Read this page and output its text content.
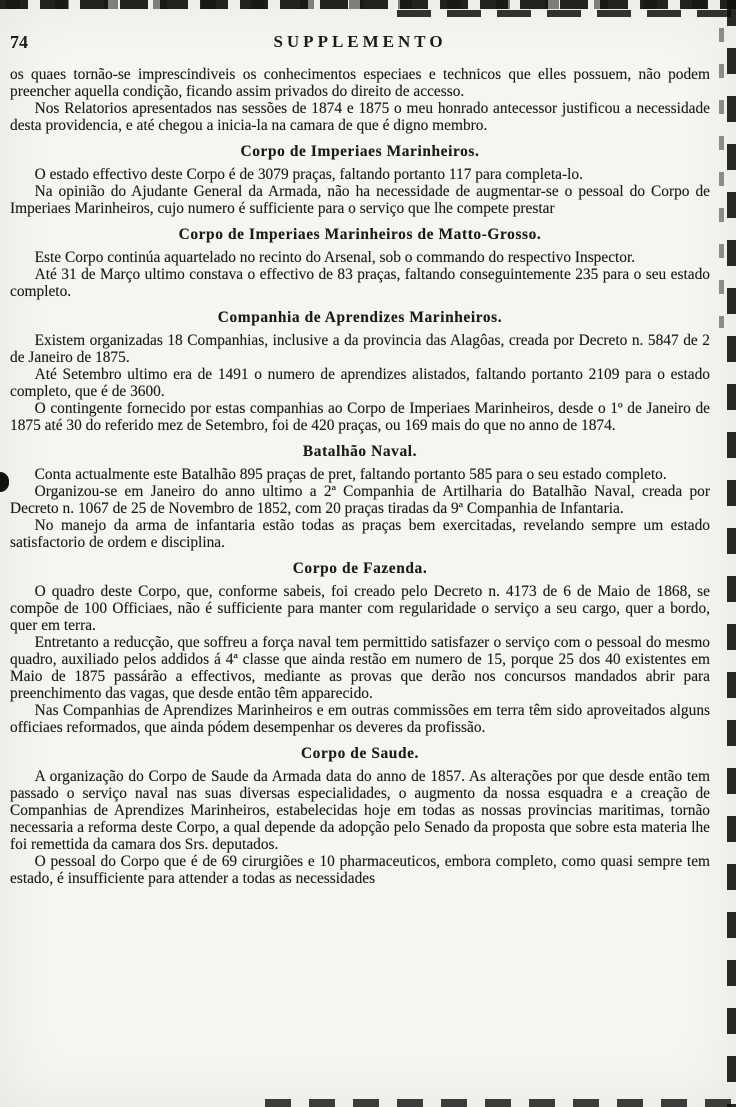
74	SUPPLEMENTO

os quaes tornão-se imprescindiveis os conhecimentos especiaes e technicos que elles possuem, não podem preencher aquella condição, ficando assim privados do direito de accesso.

Nos Relatorios apresentados nas sessões de 1874 e 1875 o meu honrado antecessor justificou a necessidade desta providencia, e até chegou a inicia-la na camara de que é digno membro.

Corpo de Imperiaes Marinheiros.

O estado effectivo deste Corpo é de 3079 praças, faltando portanto 117 para completa-lo.

Na opinião do Ajudante General da Armada, não ha necessidade de augmentar-se o pessoal do Corpo de Imperiaes Marinheiros, cujo numero é sufficiente para o serviço que lhe compete prestar

Corpo de Imperiaes Marinheiros de Matto-Grosso.

Este Corpo continúa aquartelado no recinto do Arsenal, sob o commando do respectivo Inspector.

Até 31 de Março ultimo constava o effectivo de 83 praças, faltando conseguintemente 235 para o seu estado completo.

Companhia de Aprendizes Marinheiros.

Existem organizadas 18 Companhias, inclusive a da provincia das Alagôas, creada por Decreto n. 5847 de 2 de Janeiro de 1875.

Até Setembro ultimo era de 1491 o numero de aprendizes alistados, faltando portanto 2109 para o estado completo, que é de 3600.

O contingente fornecido por estas companhias ao Corpo de Imperiaes Marinheiros, desde o 1º de Janeiro de 1875 até 30 do referido mez de Setembro, foi de 420 praças, ou 169 mais do que no anno de 1874.

Batalhão Naval.

Conta actualmente este Batalhão 895 praças de pret, faltando portanto 585 para o seu estado completo.

Organizou-se em Janeiro do anno ultimo a 2ª Companhia de Artilharia do Batalhão Naval, creada por Decreto n. 1067 de 25 de Novembro de 1852, com 20 praças tiradas da 9ª Companhia de Infantaria.

No manejo da arma de infantaria estão todas as praças bem exercitadas, revelando sempre um estado satisfactorio de ordem e disciplina.

Corpo de Fazenda.

O quadro deste Corpo, que, conforme sabeis, foi creado pelo Decreto n. 4173 de 6 de Maio de 1868, se compõe de 100 Officiaes, não é sufficiente para manter com regularidade o serviço a seu cargo, quer a bordo, quer em terra.

Entretanto a reducção, que soffreu a força naval tem permittido satisfazer o serviço com o pessoal do mesmo quadro, auxiliado pelos addidos á 4ª classe que ainda restão em numero de 15, porque 25 dos 40 existentes em Maio de 1875 passárão a effectivos, mediante as provas que derão nos concursos mandados abrir para preenchimento das vagas, que desde então têm apparecido.

Nas Companhias de Aprendizes Marinheiros e em outras commissões em terra têm sido aproveitados alguns officiaes reformados, que ainda pódem desempenhar os deveres da profissão.

Corpo de Saude.

A organização do Corpo de Saude da Armada data do anno de 1857. As alterações por que desde então tem passado o serviço naval nas suas diversas especialidades, o augmento da nossa esquadra e a creação de Companhias de Aprendizes Marinheiros, estabelecidas hoje em todas as nossas provincias maritimas, tornão necessaria a reforma deste Corpo, a qual depende da adopção pelo Senado da proposta que sobre esta materia lhe foi remettida da camara dos Srs. deputados.

O pessoal do Corpo que é de 69 cirurgiões e 10 pharmaceuticos, embora completo, como quasi sempre tem estado, é insufficiente para attender a todas as necessidades
